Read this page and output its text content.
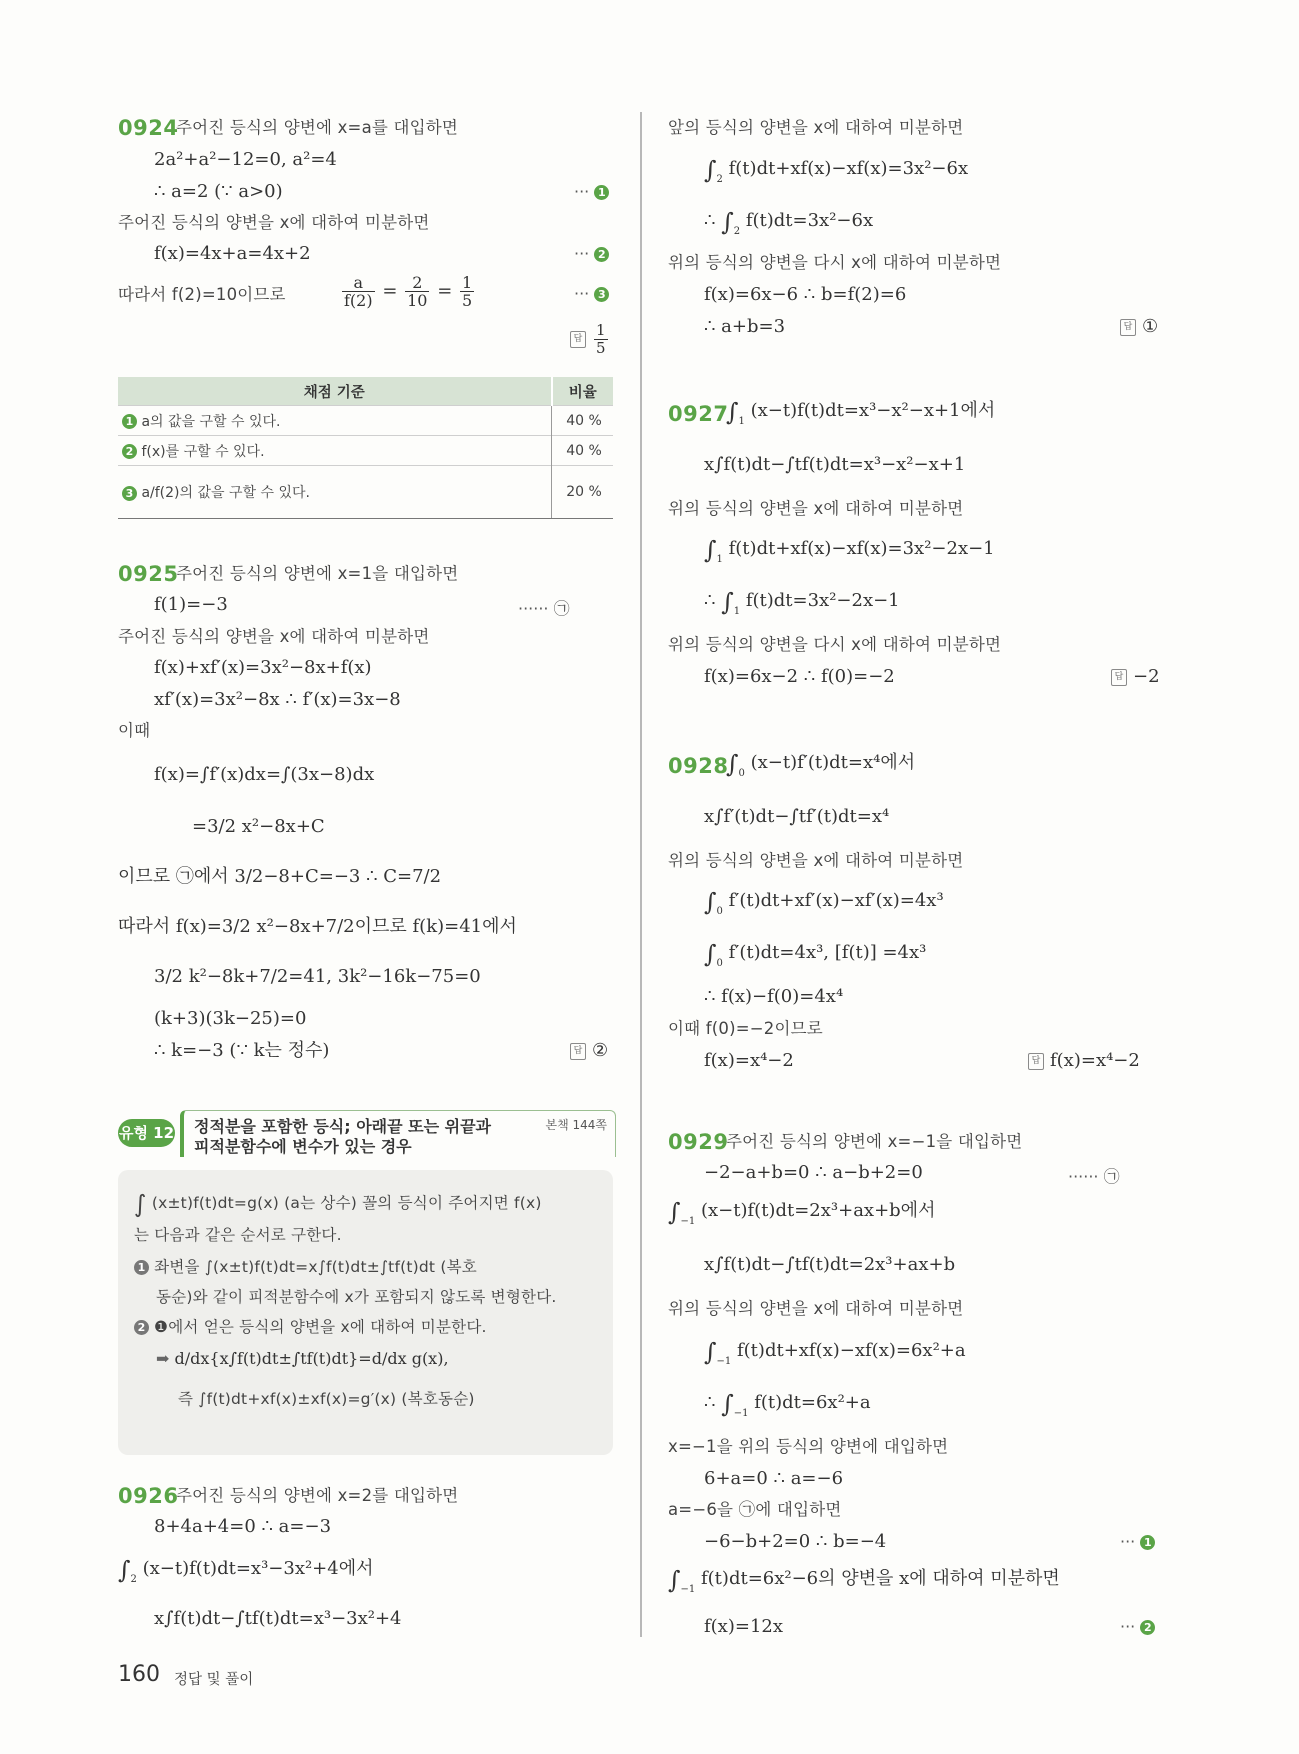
0924
주어진 등식의 양변에 x=a를 대입하면
2a²+a²−12=0, a²=4
∴ a=2 (∵ a>0)	··· 1
주어진 등식의 양변을 x에 대하여 미분하면
f(x)=4x+a=4x+2	··· 2
따라서 f(2)=10이므로	$\frac{a}{f(2)} = \frac{2}{10} = \frac{1}{5}$	··· 3
답 $\frac{1}{5}$
채점 기준	비율
1 a의 값을 구할 수 있다.	40 %
2 f(x)를 구할 수 있다.	40 %
3 a/f(2)의 값을 구할 수 있다.	20 %
0925
주어진 등식의 양변에 x=1을 대입하면
f(1)=−3	······ ㉠
주어진 등식의 양변을 x에 대하여 미분하면
f(x)+xf′(x)=3x²−8x+f(x)
xf′(x)=3x²−8x ∴ f′(x)=3x−8
이때
f(x)=∫f′(x)dx=∫(3x−8)dx
=3/2 x²−8x+C
이므로 ㉠에서 3/2−8+C=−3 ∴ C=7/2
따라서 f(x)=3/2 x²−8x+7/2이므로 f(k)=41에서
3/2 k²−8k+7/2=41, 3k²−16k−75=0
(k+3)(3k−25)=0
∴ k=−3 (∵ k는 정수)	답 ②
유형 12 정적분을 포함한 등식; 아래끝 또는 위끝과
피적분함수에 변수가 있는 경우
본책 144쪽
∫ (x±t)f(t)dt=g(x) (a는 상수) 꼴의 등식이 주어지면 f(x)
는 다음과 같은 순서로 구한다.
1 좌변을 ∫(x±t)f(t)dt=x∫f(t)dt±∫tf(t)dt (복호
동순)와 같이 피적분함수에 x가 포함되지 않도록 변형한다.
2 ❶에서 얻은 등식의 양변을 x에 대하여 미분한다.
➡ d/dx{x∫f(t)dt±∫tf(t)dt}=d/dx g(x),
즉 ∫f(t)dt+xf(x)±xf(x)=g′(x) (복호동순)
0926
주어진 등식의 양변에 x=2를 대입하면
8+4a+4=0 ∴ a=−3
$\int_2$ (x−t)f(t)dt=x³−3x²+4에서
x∫f(t)dt−∫tf(t)dt=x³−3x²+4
앞의 등식의 양변을 x에 대하여 미분하면
$\int_2$ f(t)dt+xf(x)−xf(x)=3x²−6x
∴ $\int_2$ f(t)dt=3x²−6x
위의 등식의 양변을 다시 x에 대하여 미분하면
f(x)=6x−6 ∴ b=f(2)=6
∴ a+b=3	답 ①
0927
$\int_1$ (x−t)f(t)dt=x³−x²−x+1에서
x∫f(t)dt−∫tf(t)dt=x³−x²−x+1
위의 등식의 양변을 x에 대하여 미분하면
$\int_1$ f(t)dt+xf(x)−xf(x)=3x²−2x−1
∴ $\int_1$ f(t)dt=3x²−2x−1
위의 등식의 양변을 다시 x에 대하여 미분하면
f(x)=6x−2 ∴ f(0)=−2	답 −2
0928
$\int_0$ (x−t)f′(t)dt=x⁴에서
x∫f′(t)dt−∫tf′(t)dt=x⁴
위의 등식의 양변을 x에 대하여 미분하면
$\int_0$ f′(t)dt+xf′(x)−xf′(x)=4x³
$\int_0$ f′(t)dt=4x³, [f(t)] =4x³
∴ f(x)−f(0)=4x⁴
이때 f(0)=−2이므로
f(x)=x⁴−2	답 f(x)=x⁴−2
0929
주어진 등식의 양변에 x=−1을 대입하면
−2−a+b=0 ∴ a−b+2=0	······ ㉠
$\int_{-1}$ (x−t)f(t)dt=2x³+ax+b에서
x∫f(t)dt−∫tf(t)dt=2x³+ax+b
위의 등식의 양변을 x에 대하여 미분하면
$\int_{-1}$ f(t)dt+xf(x)−xf(x)=6x²+a
∴ $\int_{-1}$ f(t)dt=6x²+a
x=−1을 위의 등식의 양변에 대입하면
6+a=0 ∴ a=−6
a=−6을 ㉠에 대입하면
−6−b+2=0 ∴ b=−4	··· 1
$\int_{-1}$ f(t)dt=6x²−6의 양변을 x에 대하여 미분하면
f(x)=12x	··· 2
160 정답 및 풀이
